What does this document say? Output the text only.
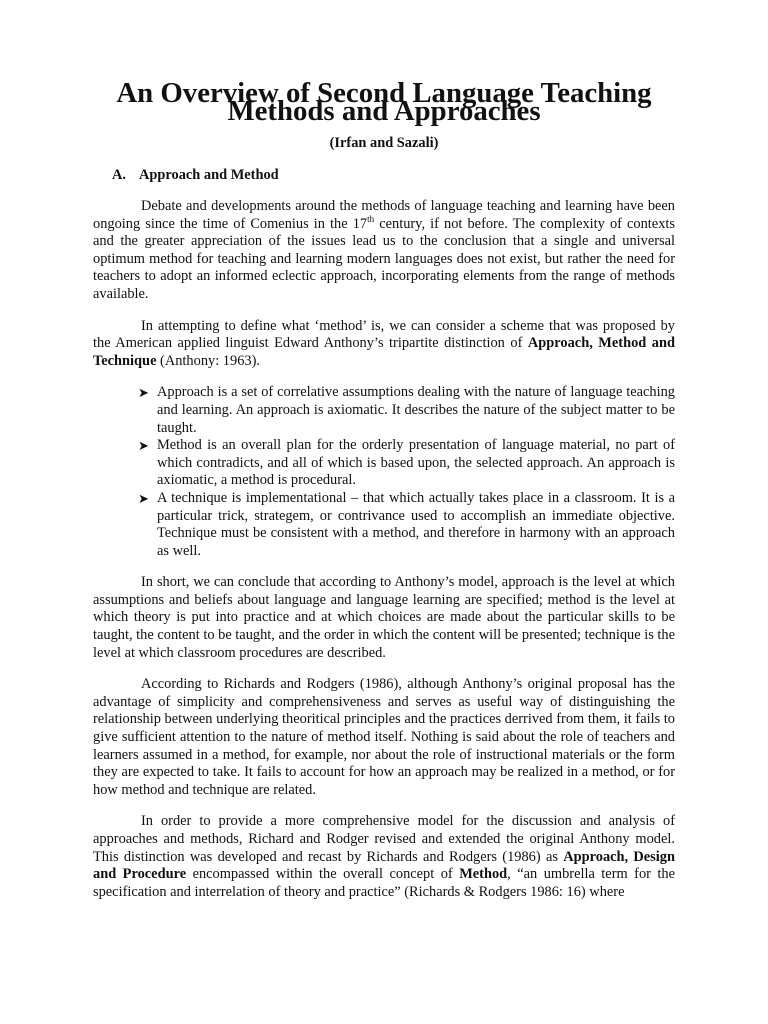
An Overview of Second Language Teaching Methods and Approaches
(Irfan and Sazali)
A. Approach and Method

Debate and developments around the methods of language teaching and learning have been ongoing since the time of Comenius in the 17th century, if not before. The complexity of contexts and the greater appreciation of the issues lead us to the conclusion that a single and universal optimum method for teaching and learning modern languages does not exist, but rather the need for teachers to adopt an informed eclectic approach, incorporating elements from the range of methods available.

In attempting to define what ‘method’ is, we can consider a scheme that was proposed by the American applied linguist Edward Anthony’s tripartite distinction of Approach, Method and Technique (Anthony: 1963).

➤ Approach is a set of correlative assumptions dealing with the nature of language teaching and learning. An approach is axiomatic. It describes the nature of the subject matter to be taught.
➤ Method is an overall plan for the orderly presentation of language material, no part of which contradicts, and all of which is based upon, the selected approach. An approach is axiomatic, a method is procedural.
➤ A technique is implementational – that which actually takes place in a classroom. It is a particular trick, strategem, or contrivance used to accomplish an immediate objective. Technique must be consistent with a method, and therefore in harmony with an approach as well.

In short, we can conclude that according to Anthony’s model, approach is the level at which assumptions and beliefs about language and language learning are specified; method is the level at which theory is put into practice and at which choices are made about the particular skills to be taught, the content to be taught, and the order in which the content will be presented; technique is the level at which classroom procedures are described.

According to Richards and Rodgers (1986), although Anthony’s original proposal has the advantage of simplicity and comprehensiveness and serves as useful way of distinguishing the relationship between underlying theoritical principles and the practices derrived from them, it fails to give sufficient attention to the nature of method itself. Nothing is said about the role of teachers and learners assumed in a method, for example, nor about the role of instructional materials or the form they are expected to take. It fails to account for how an approach may be realized in a method, or for how method and technique are related.

In order to provide a more comprehensive model for the discussion and analysis of approaches and methods, Richard and Rodger revised and extended the original Anthony model. This distinction was developed and recast by Richards and Rodgers (1986) as Approach, Design and Procedure encompassed within the overall concept of Method, “an umbrella term for the specification and interrelation of theory and practice” (Richards & Rodgers 1986: 16) where
